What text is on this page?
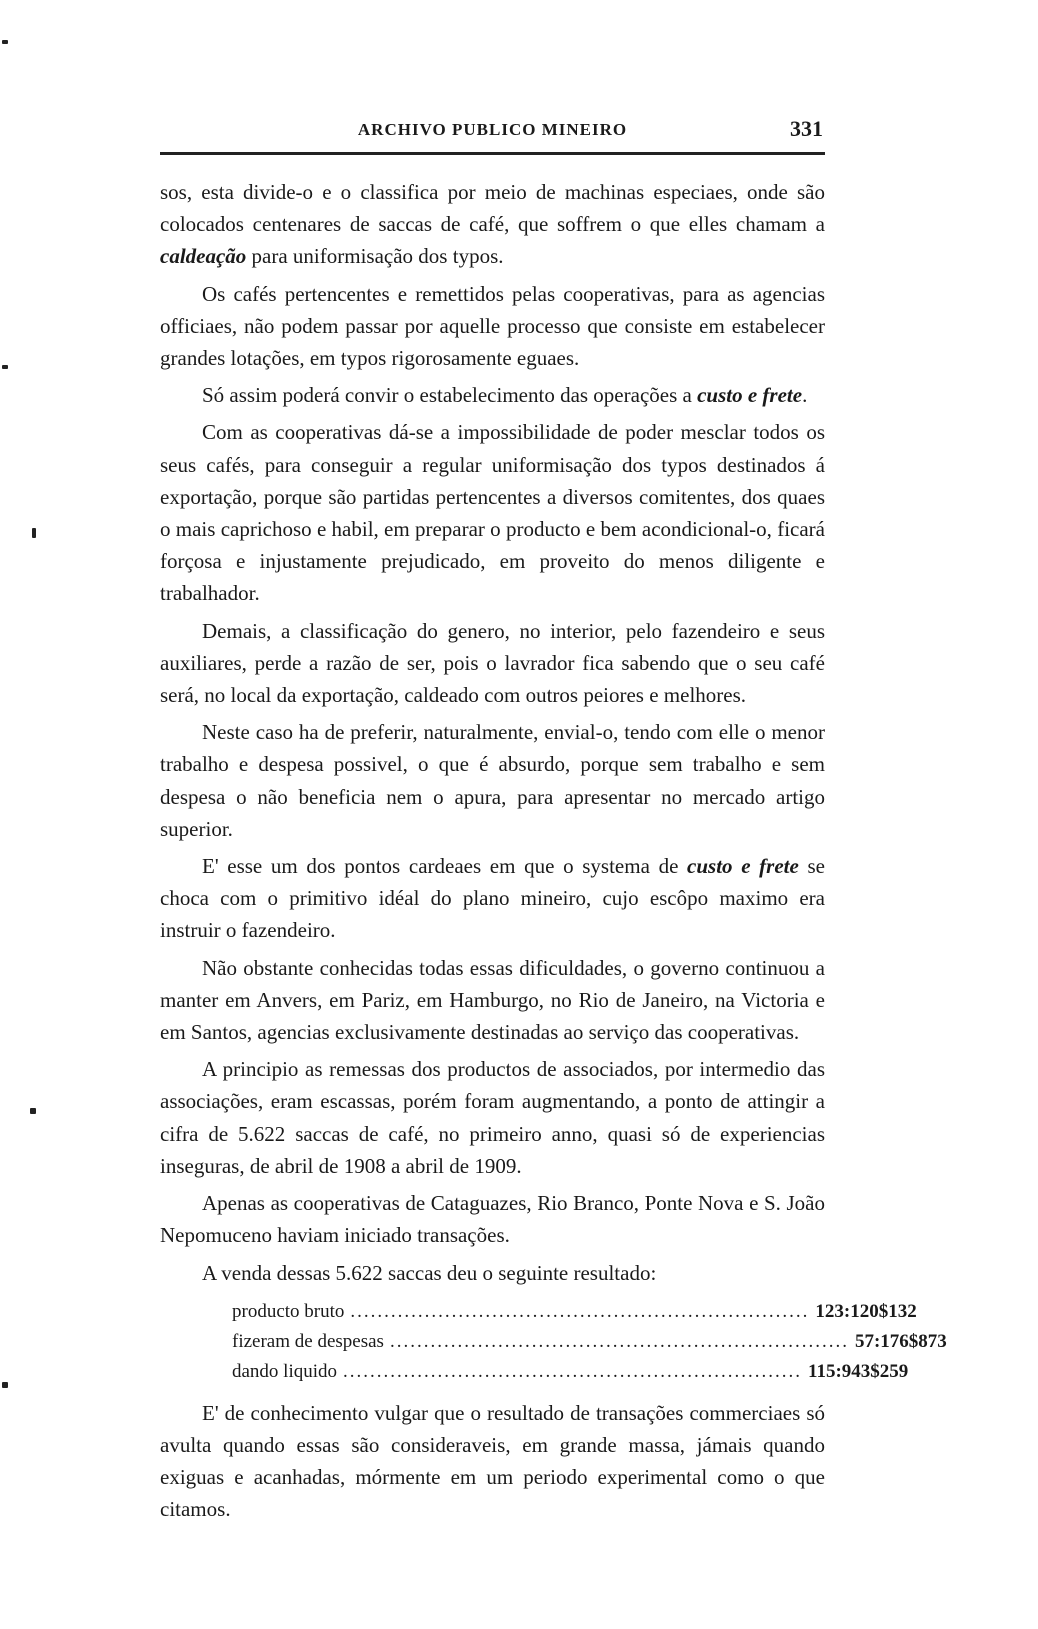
ARCHIVO PUBLICO MINEIRO	331

sos, esta divide-o e o classifica por meio de machinas especiaes, onde são colocados centenares de saccas de café, que soffrem o que elles chamam a caldeação para uniformisação dos typos.

Os cafés pertencentes e remettidos pelas cooperativas, para as agencias officiaes, não podem passar por aquelle processo que consiste em estabelecer grandes lotações, em typos rigorosamente eguaes.

Só assim poderá convir o estabelecimento das operações a custo e frete.

Com as cooperativas dá-se a impossibilidade de poder mesclar todos os seus cafés, para conseguir a regular uniformisação dos typos destinados á exportação, porque são partidas pertencentes a diversos comitentes, dos quaes o mais caprichoso e habil, em preparar o producto e bem acondicional-o, ficará forçosa e injustamente prejudicado, em proveito do menos diligente e trabalhador.

Demais, a classificação do genero, no interior, pelo fazendeiro e seus auxiliares, perde a razão de ser, pois o lavrador fica sabendo que o seu café será, no local da exportação, caldeado com outros peiores e melhores.

Neste caso ha de preferir, naturalmente, envial-o, tendo com elle o menor trabalho e despesa possivel, o que é absurdo, porque sem trabalho e sem despesa o não beneficia nem o apura, para apresentar no mercado artigo superior.

E' esse um dos pontos cardeaes em que o systema de custo e frete se choca com o primitivo idéal do plano mineiro, cujo escôpo maximo era instruir o fazendeiro.

Não obstante conhecidas todas essas dificuldades, o governo continuou a manter em Anvers, em Pariz, em Hamburgo, no Rio de Janeiro, na Victoria e em Santos, agencias exclusivamente destinadas ao serviço das cooperativas.

A principio as remessas dos productos de associados, por intermedio das associações, eram escassas, porém foram augmentando, a ponto de attingir a cifra de 5.622 saccas de café, no primeiro anno, quasi só de experiencias inseguras, de abril de 1908 a abril de 1909.

Apenas as cooperativas de Cataguazes, Rio Branco, Ponte Nova e S. João Nepomuceno haviam iniciado transações.

A venda dessas 5.622 saccas deu o seguinte resultado:

producto bruto .................................................................... 123:120$132
fizeram de despesas .................................................................... 57:176$873
dando liquido .................................................................... 115:943$259

E' de conhecimento vulgar que o resultado de transações commerciaes só avulta quando essas são consideraveis, em grande massa, jámais quando exiguas e acanhadas, mórmente em um periodo experimental como o que citamos.
